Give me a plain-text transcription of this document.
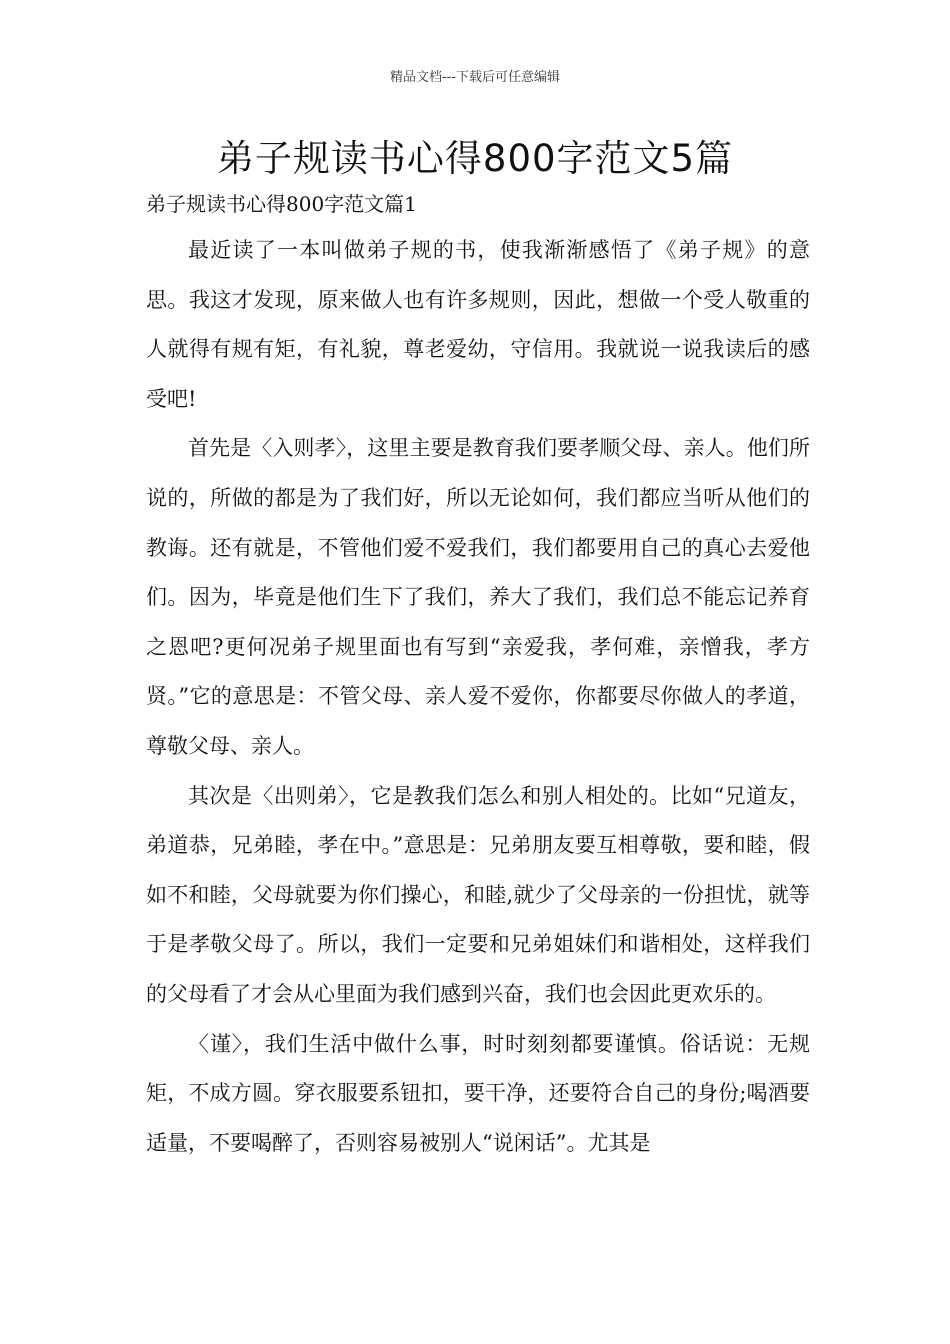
精品文档---下载后可任意编辑
弟子规读书心得800字范文5篇
弟子规读书心得800字范文篇1

最近读了一本叫做弟子规的书，使我渐渐感悟了《弟子规》的意思。我这才发现，原来做人也有许多规则，因此，想做一个受人敬重的人就得有规有矩，有礼貌，尊老爱幼，守信用。我就说一说我读后的感受吧!

首先是〈入则孝〉，这里主要是教育我们要孝顺父母、亲人。他们所说的，所做的都是为了我们好，所以无论如何，我们都应当听从他们的教诲。还有就是，不管他们爱不爱我们，我们都要用自己的真心去爱他们。因为，毕竟是他们生下了我们，养大了我们，我们总不能忘记养育之恩吧?更何况弟子规里面也有写到“亲爱我，孝何难，亲憎我，孝方贤。”它的意思是：不管父母、亲人爱不爱你，你都要尽你做人的孝道，尊敬父母、亲人。

其次是〈出则弟〉，它是教我们怎么和别人相处的。比如“兄道友，弟道恭，兄弟睦，孝在中。”意思是：兄弟朋友要互相尊敬，要和睦，假如不和睦，父母就要为你们操心，和睦,就少了父母亲的一份担忧，就等于是孝敬父母了。所以，我们一定要和兄弟姐妹们和谐相处，这样我们的父母看了才会从心里面为我们感到兴奋，我们也会因此更欢乐的。

〈谨〉，我们生活中做什么事，时时刻刻都要谨慎。俗话说：无规矩，不成方圆。穿衣服要系钮扣，要干净，还要符合自己的身份;喝酒要适量，不要喝醉了，否则容易被别人“说闲话”。尤其是
